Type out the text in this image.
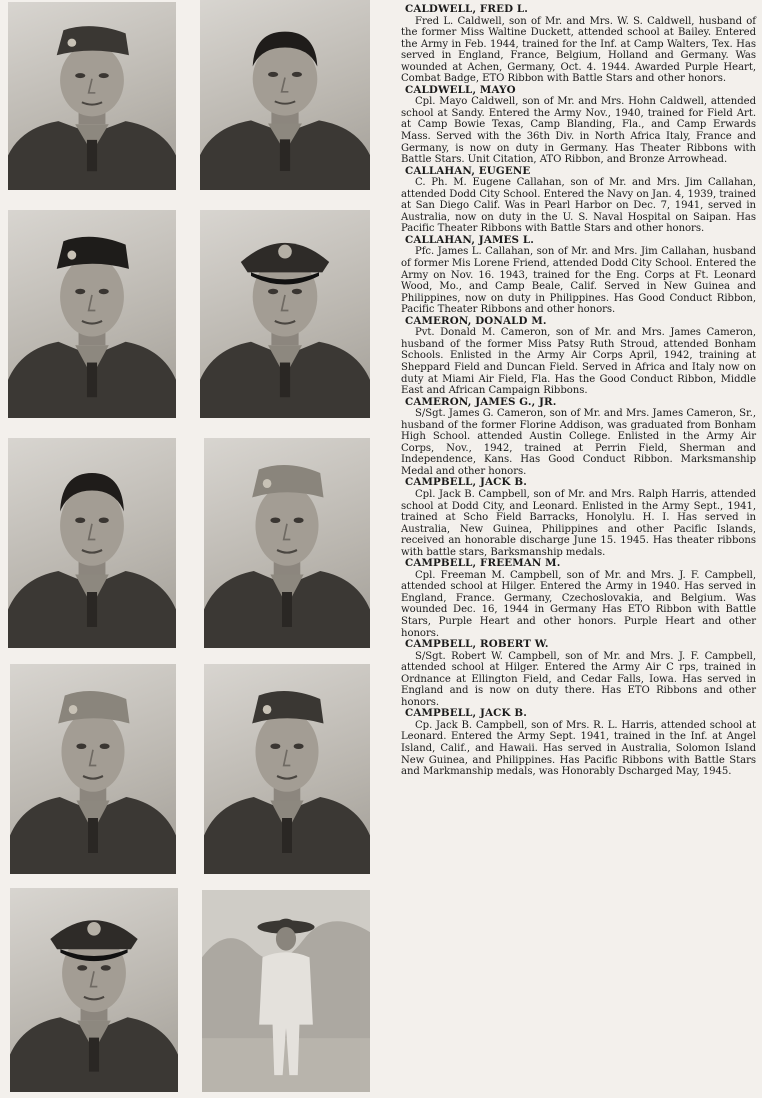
CALDWELL, FRED L.

Fred L. Caldwell, son of Mr. and Mrs. W. S. Caldwell, husband of the former Miss Waltine Duckett, attended school at Bailey. Entered the Army in Feb. 1944, trained for the Inf. at Camp Walters, Tex. Has served in England, France, Belgium, Holland and Germany. Was wounded at Achen, Germany, Oct. 4. 1944. Awarded Purple Heart, Combat Badge, ETO Ribbon with Battle Stars and other honors.

CALDWELL, MAYO

Cpl. Mayo Caldwell, son of Mr. and Mrs. Hohn Caldwell, attended school at Sandy. Entered the Army Nov., 1940, trained for Field Art. at Camp Bowie Texas, Camp Blanding, Fla., and Camp Erwards Mass. Served with the 36th Div. in North Africa Italy, France and Germany, is now on duty in Germany. Has Theater Ribbons with Battle Stars. Unit Citation, ATO Ribbon, and Bronze Arrowhead.

CALLAHAN, EUGENE

C. Ph. M. Eugene Callahan, son of Mr. and Mrs. Jim Callahan, attended Dodd City School. Entered the Navy on Jan. 4, 1939, trained at San Diego Calif. Was in Pearl Harbor on Dec. 7, 1941, served in Australia, now on duty in the U. S. Naval Hospital on Saipan. Has Pacific Theater Ribbons with Battle Stars and other honors.

CALLAHAN, JAMES L.

Pfc. James L. Callahan, son of Mr. and Mrs. Jim Callahan, husband of former Mis Lorene Friend, attended Dodd City School. Entered the Army on Nov. 16. 1943, trained for the Eng. Corps at Ft. Leonard Wood, Mo., and Camp Beale, Calif. Served in New Guinea and Philippines, now on duty in Philippines. Has Good Conduct Ribbon, Pacific Theater Ribbons and other honors.

CAMERON, DONALD M.

Pvt. Donald M. Cameron, son of Mr. and Mrs. James Cameron, husband of the former Miss Patsy Ruth Stroud, attended Bonham Schools. Enlisted in the Army Air Corps April, 1942, training at Sheppard Field and Duncan Field. Served in Africa and Italy now on duty at Miami Air Field, Fla. Has the Good Conduct Ribbon, Middle East and African Campaign Ribbons.

CAMERON, JAMES G., JR.

S/Sgt. James G. Cameron, son of Mr. and Mrs. James Cameron, Sr., husband of the former Florine Addison, was graduated from Bonham High School. attended Austin College. Enlisted in the Army Air Corps, Nov., 1942, trained at Perrin Field, Sherman and Independence, Kans. Has Good Conduct Ribbon. Marksmanship Medal and other honors.

CAMPBELL, JACK B.

Cpl. Jack B. Campbell, son of Mr. and Mrs. Ralph Harris, attended school at Dodd City, and Leonard. Enlisted in the Army Sept., 1941, trained at Scho Field Barracks, Honolylu. H. I. Has served in Australia, New Guinea, Philippines and other Pacific Islands, received an honorable discharge June 15. 1945. Has theater ribbons with battle stars, Barksmanship medals.

CAMPBELL, FREEMAN M.

Cpl. Freeman M. Campbell, son of Mr. and Mrs. J. F. Campbell, attended school at Hilger. Entered the Army in 1940. Has served in England, France. Germany, Czechoslovakia, and Belgium. Was wounded Dec. 16, 1944 in Germany Has ETO Ribbon with Battle Stars, Purple Heart and other honors. Purple Heart and other honors.

CAMPBELL, ROBERT W.

S/Sgt. Robert W. Campbell, son of Mr. and Mrs. J. F. Campbell, attended school at Hilger. Entered the Army Air C rps, trained in Ordnance at Ellington Field, and Cedar Falls, Iowa. Has served in England and is now on duty there. Has ETO Ribbons and other honors.

CAMPBELL, JACK B.

Cp. Jack B. Campbell, son of Mrs. R. L. Harris, attended school at Leonard. Entered the Army Sept. 1941, trained in the Inf. at Angel Island, Calif., and Hawaii. Has served in Australia, Solomon Island New Guinea, and Philippines. Has Pacific Ribbons with Battle Stars and Markmanship medals, was Honorably Dscharged May, 1945.
